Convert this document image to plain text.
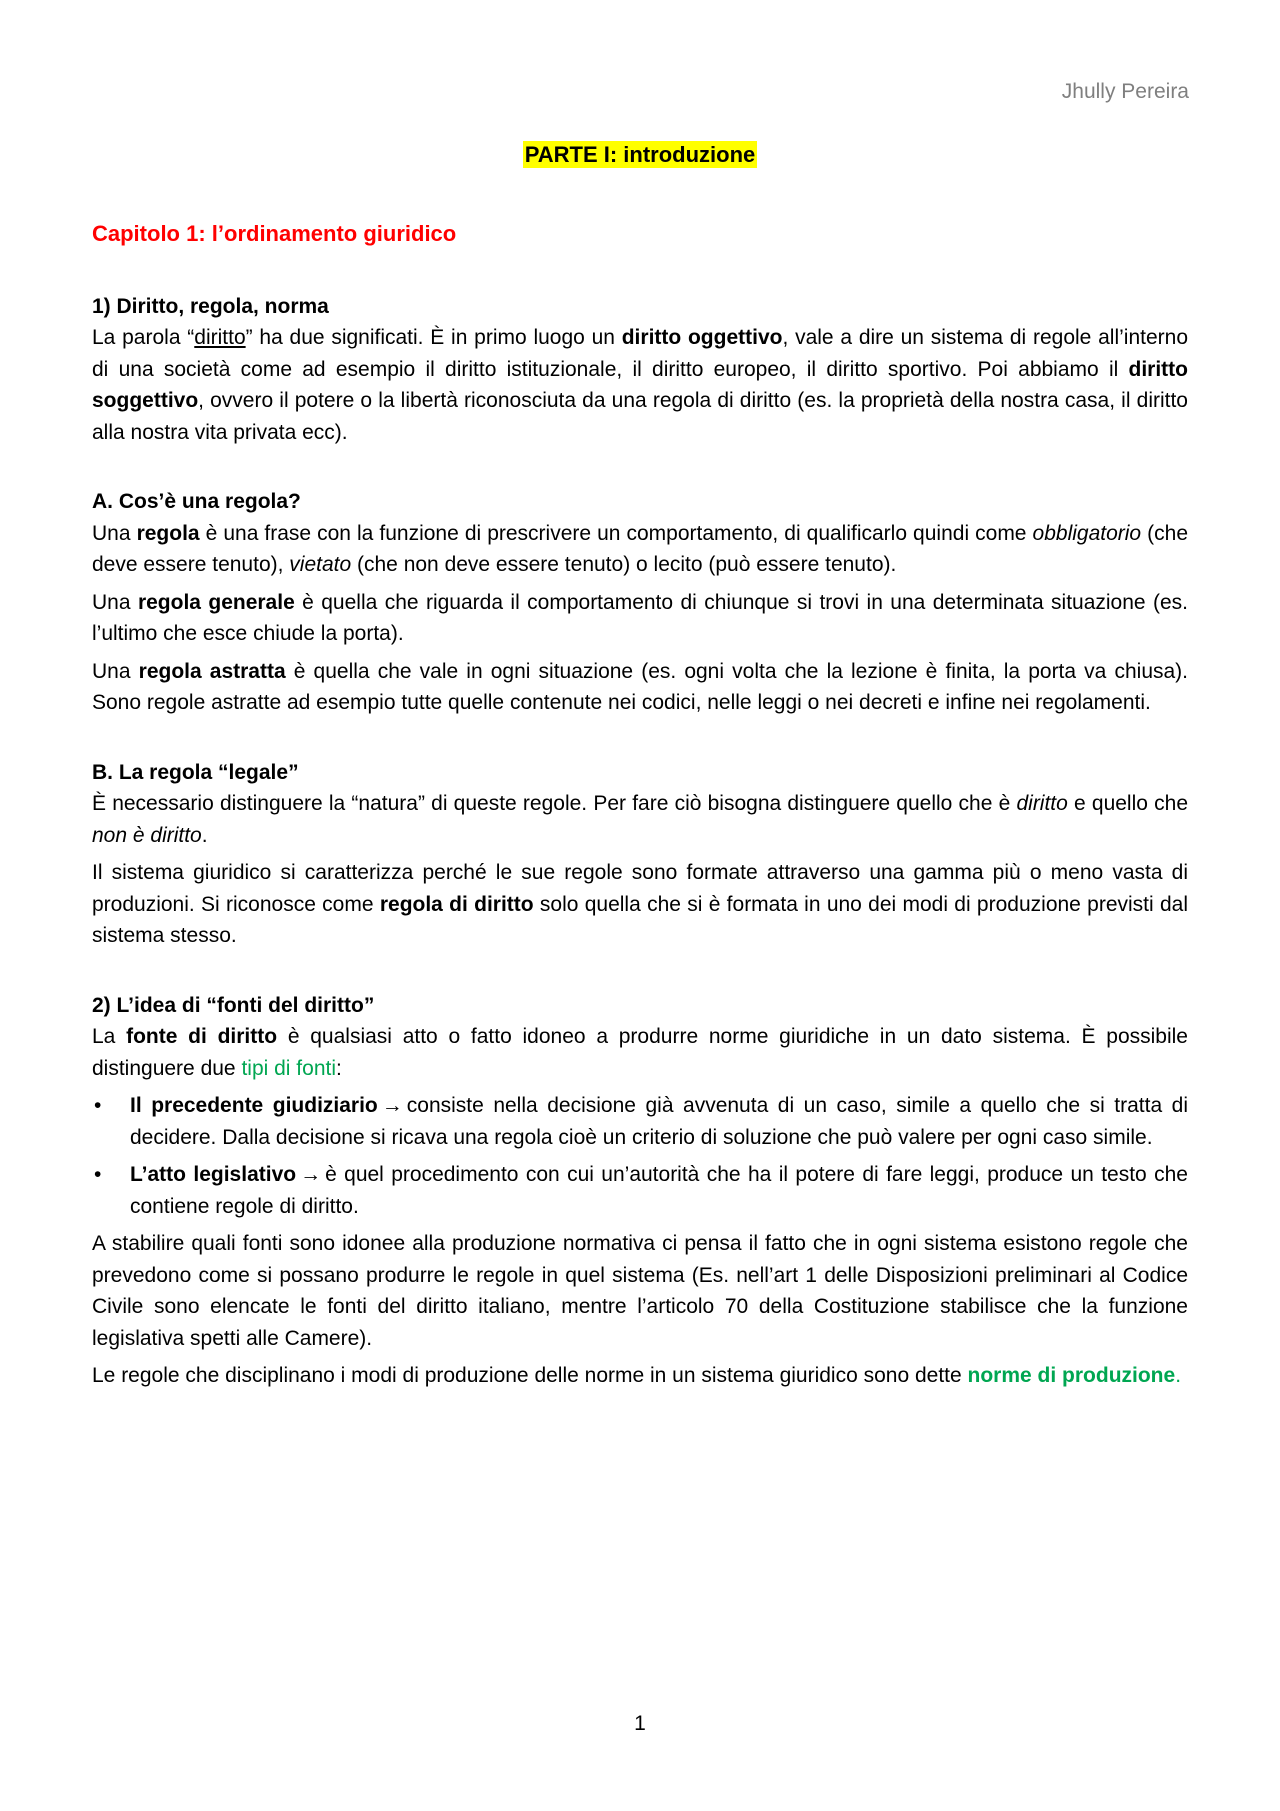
Jhully Pereira
PARTE I: introduzione
Capitolo 1: l’ordinamento giuridico
1) Diritto, regola, norma
La parola “diritto” ha due significati. È in primo luogo un diritto oggettivo, vale a dire un sistema di regole all’interno di una società come ad esempio il diritto istituzionale, il diritto europeo, il diritto sportivo. Poi abbiamo il diritto soggettivo, ovvero il potere o la libertà riconosciuta da una regola di diritto (es. la proprietà della nostra casa, il diritto alla nostra vita privata ecc).
A. Cos’è una regola?
Una regola è una frase con la funzione di prescrivere un comportamento, di qualificarlo quindi come obbligatorio (che deve essere tenuto), vietato (che non deve essere tenuto) o lecito (può essere tenuto).
Una regola generale è quella che riguarda il comportamento di chiunque si trovi in una determinata situazione (es. l’ultimo che esce chiude la porta).
Una regola astratta è quella che vale in ogni situazione (es. ogni volta che la lezione è finita, la porta va chiusa). Sono regole astratte ad esempio tutte quelle contenute nei codici, nelle leggi o nei decreti e infine nei regolamenti.
B. La regola “legale”
È necessario distinguere la “natura” di queste regole. Per fare ciò bisogna distinguere quello che è diritto e quello che non è diritto.
Il sistema giuridico si caratterizza perché le sue regole sono formate attraverso una gamma più o meno vasta di produzioni. Si riconosce come regola di diritto solo quella che si è formata in uno dei modi di produzione previsti dal sistema stesso.
2) L’idea di “fonti del diritto”
La fonte di diritto è qualsiasi atto o fatto idoneo a produrre norme giuridiche in un dato sistema. È possibile distinguere due tipi di fonti:
• Il precedente giudiziario → consiste nella decisione già avvenuta di un caso, simile a quello che si tratta di decidere. Dalla decisione si ricava una regola cioè un criterio di soluzione che può valere per ogni caso simile.
• L’atto legislativo → è quel procedimento con cui un’autorità che ha il potere di fare leggi, produce un testo che contiene regole di diritto.
A stabilire quali fonti sono idonee alla produzione normativa ci pensa il fatto che in ogni sistema esistono regole che prevedono come si possano produrre le regole in quel sistema (Es. nell’art 1 delle Disposizioni preliminari al Codice Civile sono elencate le fonti del diritto italiano, mentre l’articolo 70 della Costituzione stabilisce che la funzione legislativa spetti alle Camere).
Le regole che disciplinano i modi di produzione delle norme in un sistema giuridico sono dette norme di produzione.
1
